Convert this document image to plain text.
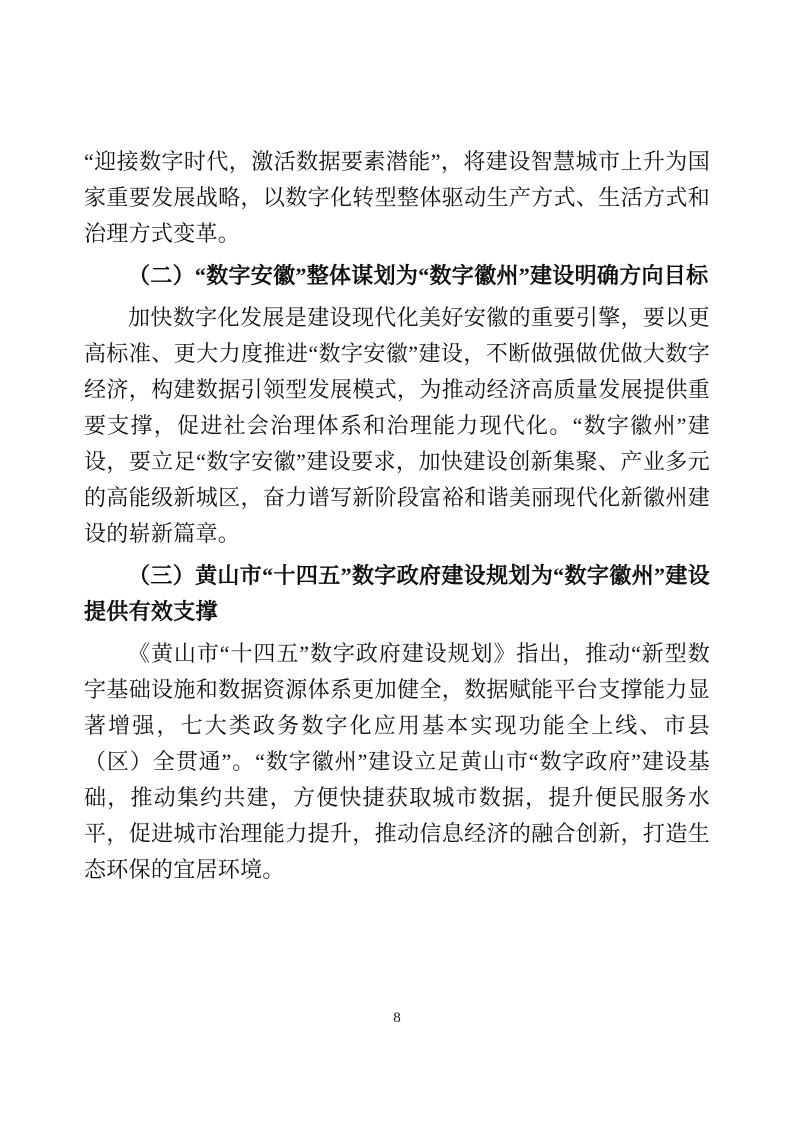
“迎接数字时代，激活数据要素潜能”，将建设智慧城市上升为国家重要发展战略，以数字化转型整体驱动生产方式、生活方式和治理方式变革。

（二）“数字安徽”整体谋划为“数字徽州”建设明确方向目标

加快数字化发展是建设现代化美好安徽的重要引擎，要以更高标准、更大力度推进“数字安徽”建设，不断做强做优做大数字经济，构建数据引领型发展模式，为推动经济高质量发展提供重要支撑，促进社会治理体系和治理能力现代化。“数字徽州”建设，要立足“数字安徽”建设要求，加快建设创新集聚、产业多元的高能级新城区，奋力谱写新阶段富裕和谐美丽现代化新徽州建设的崭新篇章。

（三）黄山市“十四五”数字政府建设规划为“数字徽州”建设提供有效支撑

《黄山市“十四五”数字政府建设规划》指出，推动“新型数字基础设施和数据资源体系更加健全，数据赋能平台支撑能力显著增强，七大类政务数字化应用基本实现功能全上线、市县（区）全贯通”。“数字徽州”建设立足黄山市“数字政府”建设基础，推动集约共建，方便快捷获取城市数据，提升便民服务水平，促进城市治理能力提升，推动信息经济的融合创新，打造生态环保的宜居环境。

8
